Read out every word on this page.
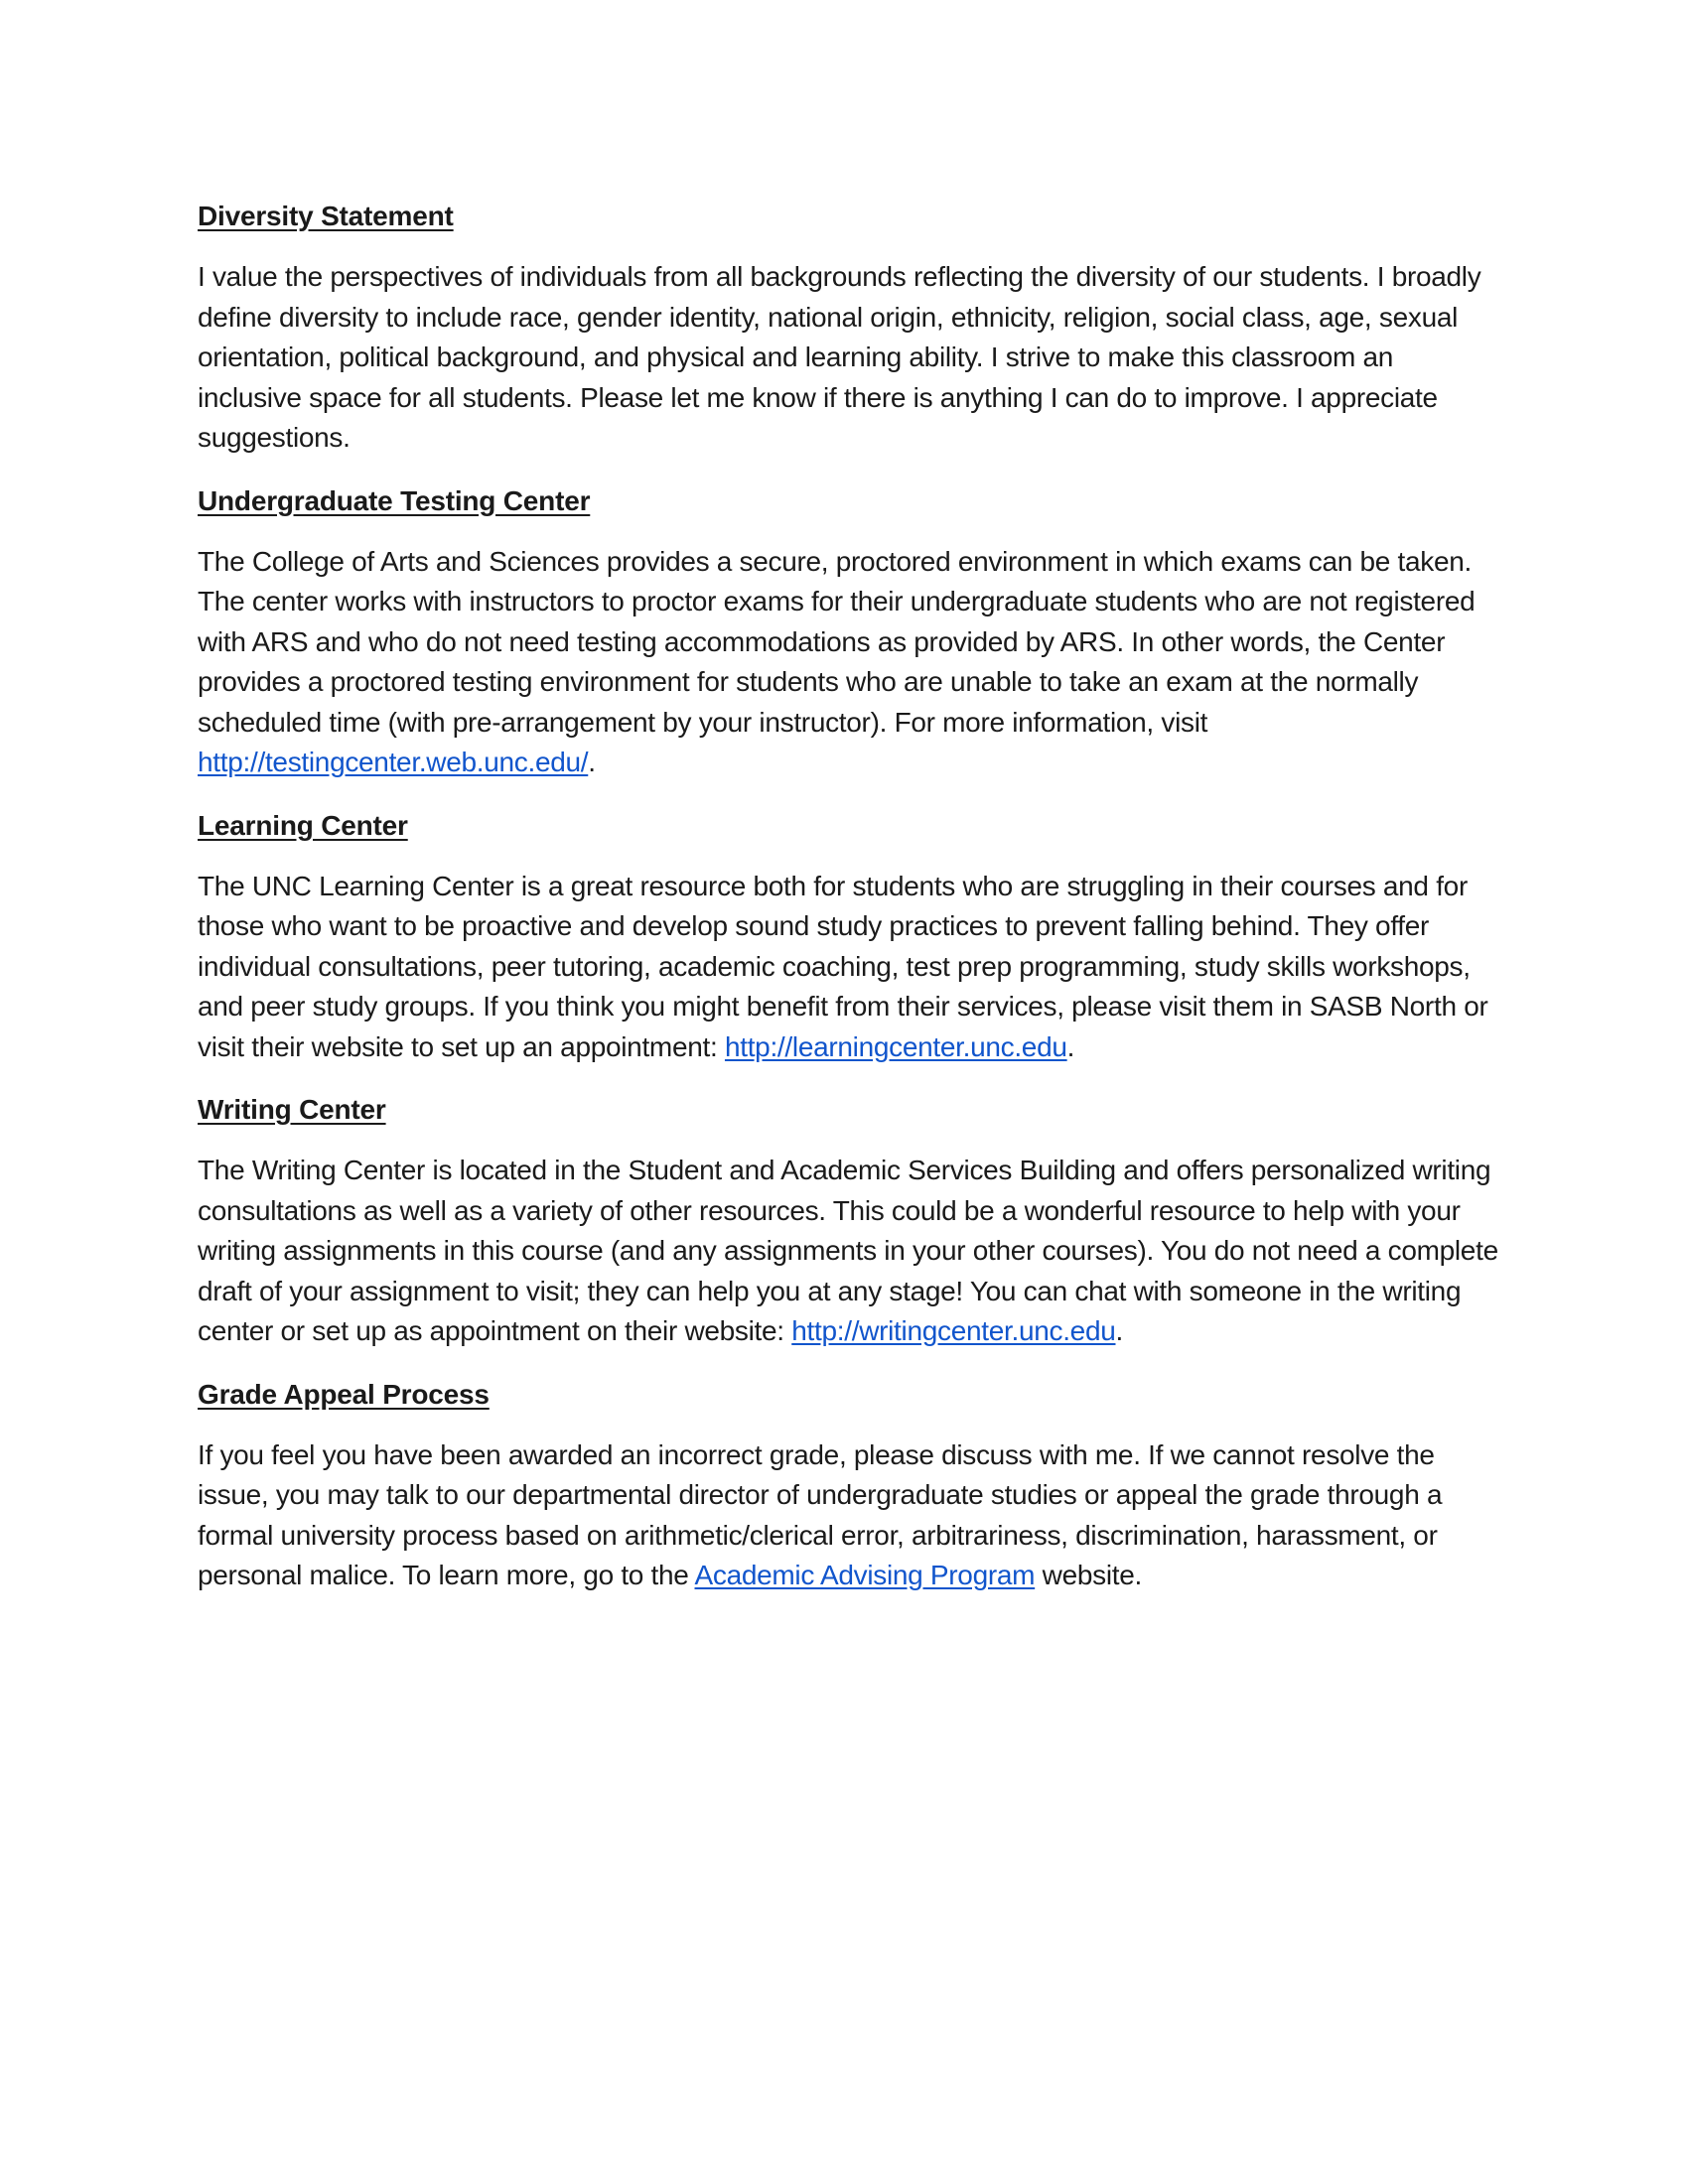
Diversity Statement

I value the perspectives of individuals from all backgrounds reflecting the diversity of our students. I broadly define diversity to include race, gender identity, national origin, ethnicity, religion, social class, age, sexual orientation, political background, and physical and learning ability. I strive to make this classroom an inclusive space for all students. Please let me know if there is anything I can do to improve. I appreciate suggestions.

Undergraduate Testing Center

The College of Arts and Sciences provides a secure, proctored environment in which exams can be taken. The center works with instructors to proctor exams for their undergraduate students who are not registered with ARS and who do not need testing accommodations as provided by ARS. In other words, the Center provides a proctored testing environment for students who are unable to take an exam at the normally scheduled time (with pre-arrangement by your instructor). For more information, visit http://testingcenter.web.unc.edu/.

Learning Center

The UNC Learning Center is a great resource both for students who are struggling in their courses and for those who want to be proactive and develop sound study practices to prevent falling behind. They offer individual consultations, peer tutoring, academic coaching, test prep programming, study skills workshops, and peer study groups. If you think you might benefit from their services, please visit them in SASB North or visit their website to set up an appointment: http://learningcenter.unc.edu.

Writing Center

The Writing Center is located in the Student and Academic Services Building and offers personalized writing consultations as well as a variety of other resources. This could be a wonderful resource to help with your writing assignments in this course (and any assignments in your other courses). You do not need a complete draft of your assignment to visit; they can help you at any stage! You can chat with someone in the writing center or set up as appointment on their website: http://writingcenter.unc.edu.

Grade Appeal Process

If you feel you have been awarded an incorrect grade, please discuss with me. If we cannot resolve the issue, you may talk to our departmental director of undergraduate studies or appeal the grade through a formal university process based on arithmetic/clerical error, arbitrariness, discrimination, harassment, or personal malice. To learn more, go to the Academic Advising Program website.
